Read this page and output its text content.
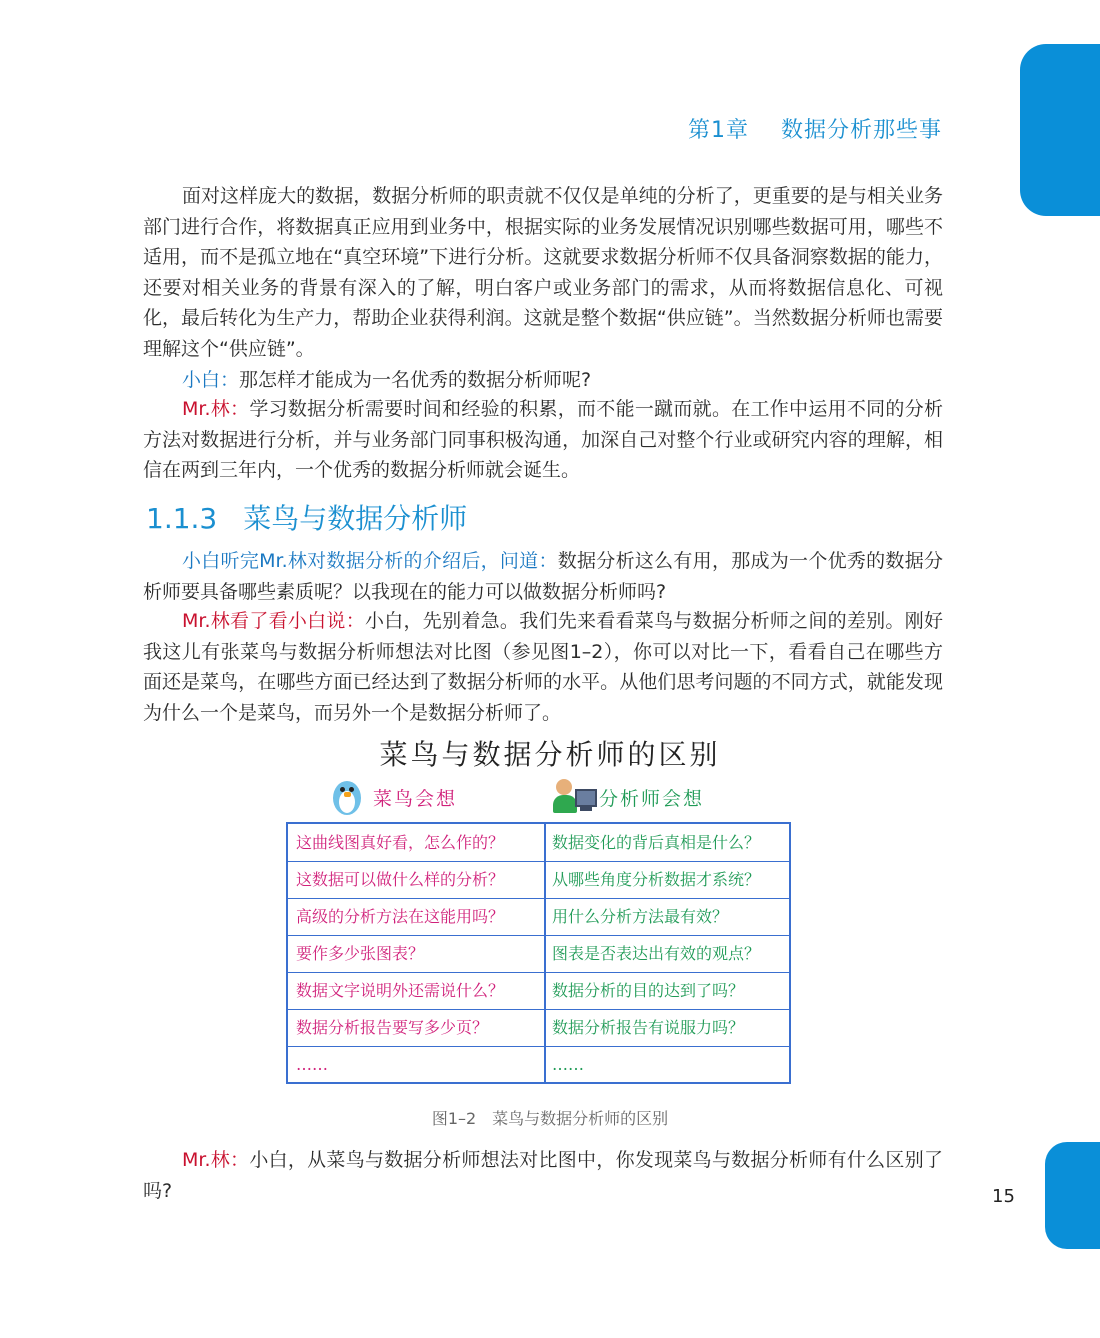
第1章 数据分析那些事

面对这样庞大的数据，数据分析师的职责就不仅仅是单纯的分析了，更重要的是与相关业务部门进行合作，将数据真正应用到业务中，根据实际的业务发展情况识别哪些数据可用，哪些不适用，而不是孤立地在“真空环境”下进行分析。这就要求数据分析师不仅具备洞察数据的能力，还要对相关业务的背景有深入的了解，明白客户或业务部门的需求，从而将数据信息化、可视化，最后转化为生产力，帮助企业获得利润。这就是整个数据“供应链”。当然数据分析师也需要理解这个“供应链”。

小白：那怎样才能成为一名优秀的数据分析师呢?

Mr.林：学习数据分析需要时间和经验的积累，而不能一蹴而就。在工作中运用不同的分析方法对数据进行分析，并与业务部门同事积极沟通，加深自己对整个行业或研究内容的理解，相信在两到三年内，一个优秀的数据分析师就会诞生。

1.1.3 菜鸟与数据分析师

小白听完Mr.林对数据分析的介绍后，问道：数据分析这么有用，那成为一个优秀的数据分析师要具备哪些素质呢？以我现在的能力可以做数据分析师吗?

Mr.林看了看小白说：小白，先别着急。我们先来看看菜鸟与数据分析师之间的差别。刚好我这儿有张菜鸟与数据分析师想法对比图（参见图1–2），你可以对比一下，看看自己在哪些方面还是菜鸟，在哪些方面已经达到了数据分析师的水平。从他们思考问题的不同方式，就能发现为什么一个是菜鸟，而另外一个是数据分析师了。

菜鸟与数据分析师的区别
菜鸟会想	分析师会想
这曲线图真好看，怎么作的？	数据变化的背后真相是什么？
这数据可以做什么样的分析？	从哪些角度分析数据才系统？
高级的分析方法在这能用吗？	用什么分析方法最有效？
要作多少张图表？	图表是否表达出有效的观点？
数据文字说明外还需说什么？	数据分析的目的达到了吗？
数据分析报告要写多少页？	数据分析报告有说服力吗？
……	……
图1–2　菜鸟与数据分析师的区别

Mr.林：小白，从菜鸟与数据分析师想法对比图中，你发现菜鸟与数据分析师有什么区别了吗?	15
